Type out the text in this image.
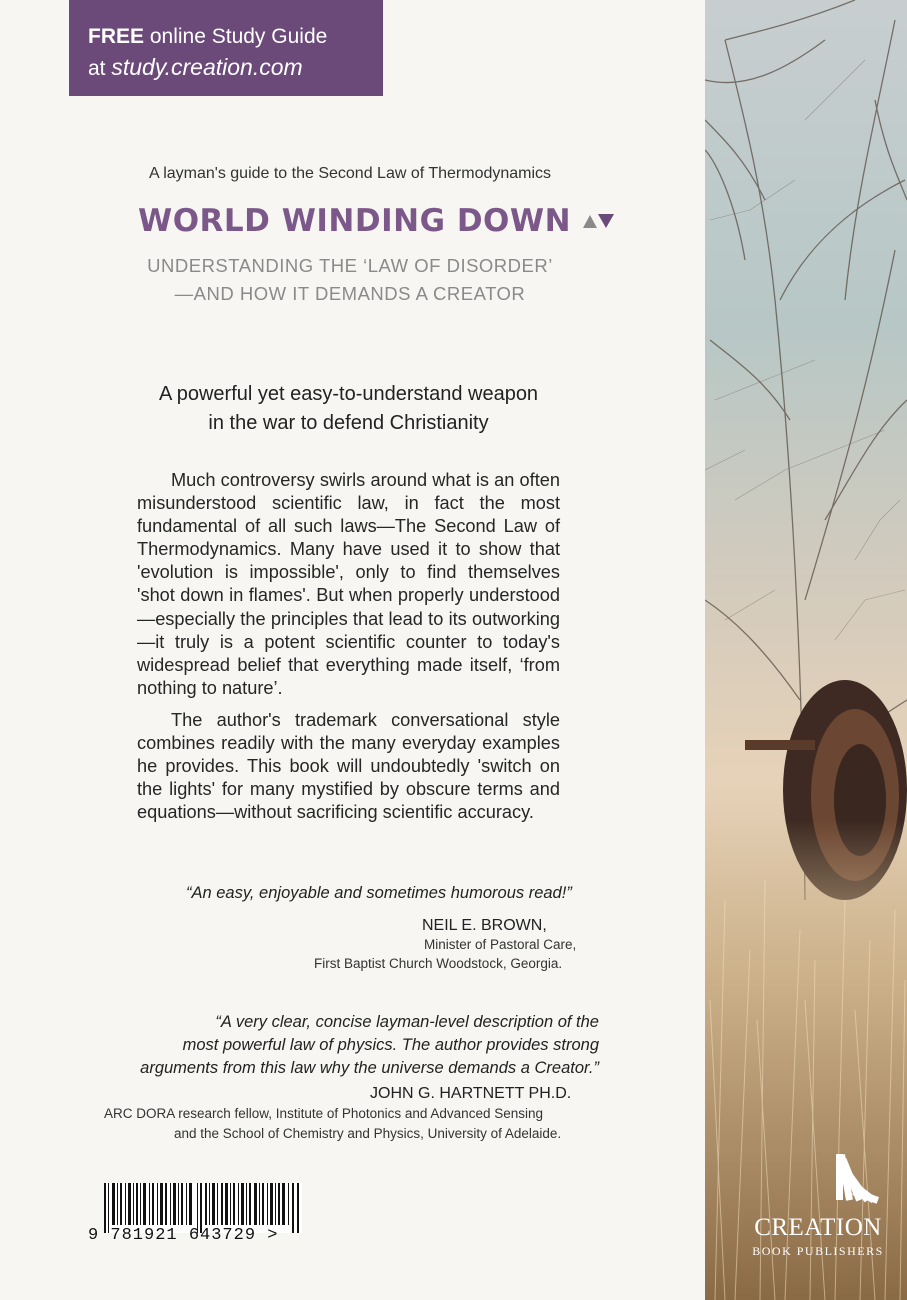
FREE online Study Guide
at study.creation.com
A layman's guide to the Second Law of Thermodynamics
WORLD WINDING DOWN
UNDERSTANDING THE ‘LAW OF DISORDER’
—AND HOW IT DEMANDS A CREATOR
A powerful yet easy-to-understand weapon
in the war to defend Christianity

Much controversy swirls around what is an often misunderstood scientific law, in fact the most fundamental of all such laws—The Second Law of Thermodynamics. Many have used it to show that 'evolution is impossible', only to find themselves 'shot down in flames'. But when properly understood—especially the principles that lead to its outworking—it truly is a potent scientific counter to today's widespread belief that everything made itself, ‘from nothing to nature’.

The author's trademark conversational style combines readily with the many everyday examples he provides. This book will undoubtedly 'switch on the lights' for many mystified by obscure terms and equations—without sacrificing scientific accuracy.

“An easy, enjoyable and sometimes humorous read!”
NEIL E. BROWN,
Minister of Pastoral Care,
First Baptist Church Woodstock, Georgia.
“A very clear, concise layman-level description of the
most powerful law of physics. The author provides strong
arguments from this law why the universe demands a Creator.”
JOHN G. HARTNETT PH.D.
ARC DORA research fellow, Institute of Photonics and Advanced Sensing
and the School of Chemistry and Physics, University of Adelaide.
CREATION
BOOK PUBLISHERS
9 781921 643729 >
